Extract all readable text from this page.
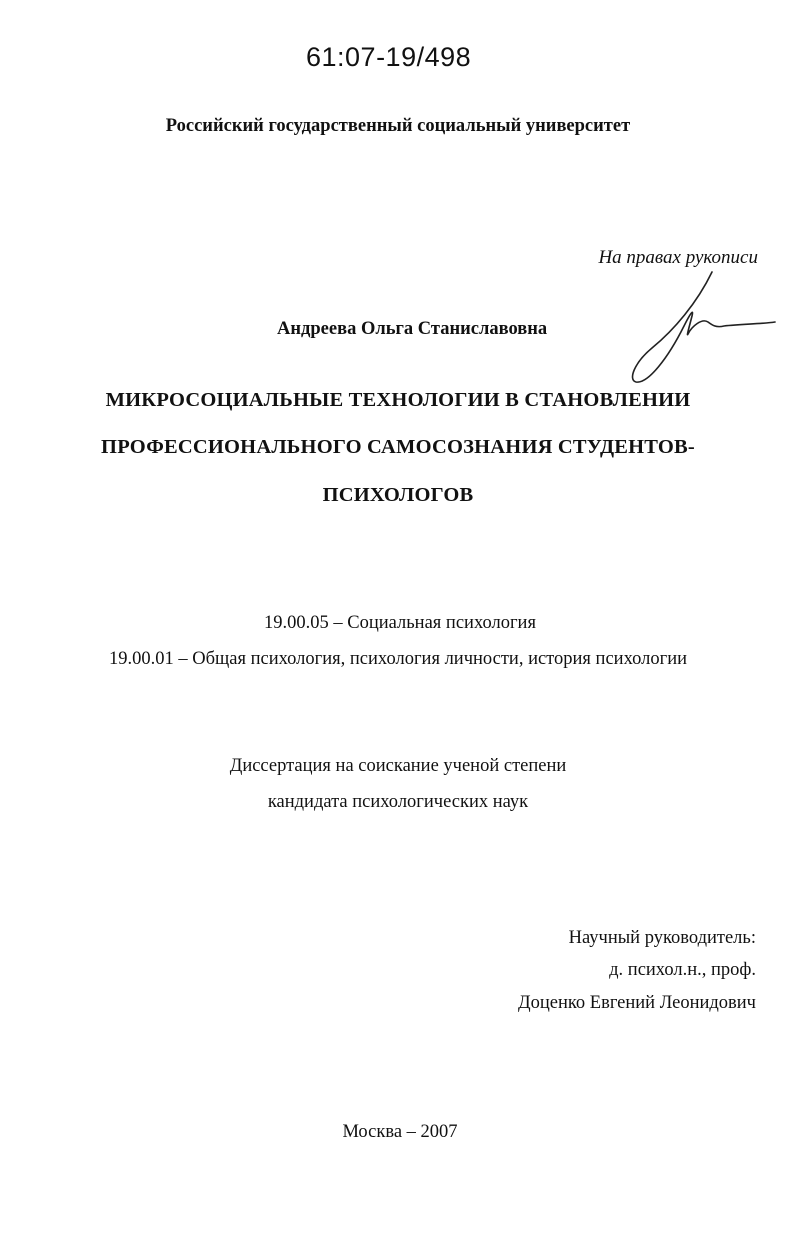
61:07-19/498
Российский государственный социальный университет
На правах рукописи
Андреева Ольга Станиславовна
МИКРОСОЦИАЛЬНЫЕ ТЕХНОЛОГИИ В СТАНОВЛЕНИИ
ПРОФЕССИОНАЛЬНОГО САМОСОЗНАНИЯ СТУДЕНТОВ-
ПСИХОЛОГОВ
19.00.05 – Социальная психология
19.00.01 – Общая психология, психология личности, история психологии
Диссертация на соискание ученой степени
кандидата психологических наук
Научный руководитель:
д. психол.н., проф.
Доценко Евгений Леонидович
Москва – 2007
